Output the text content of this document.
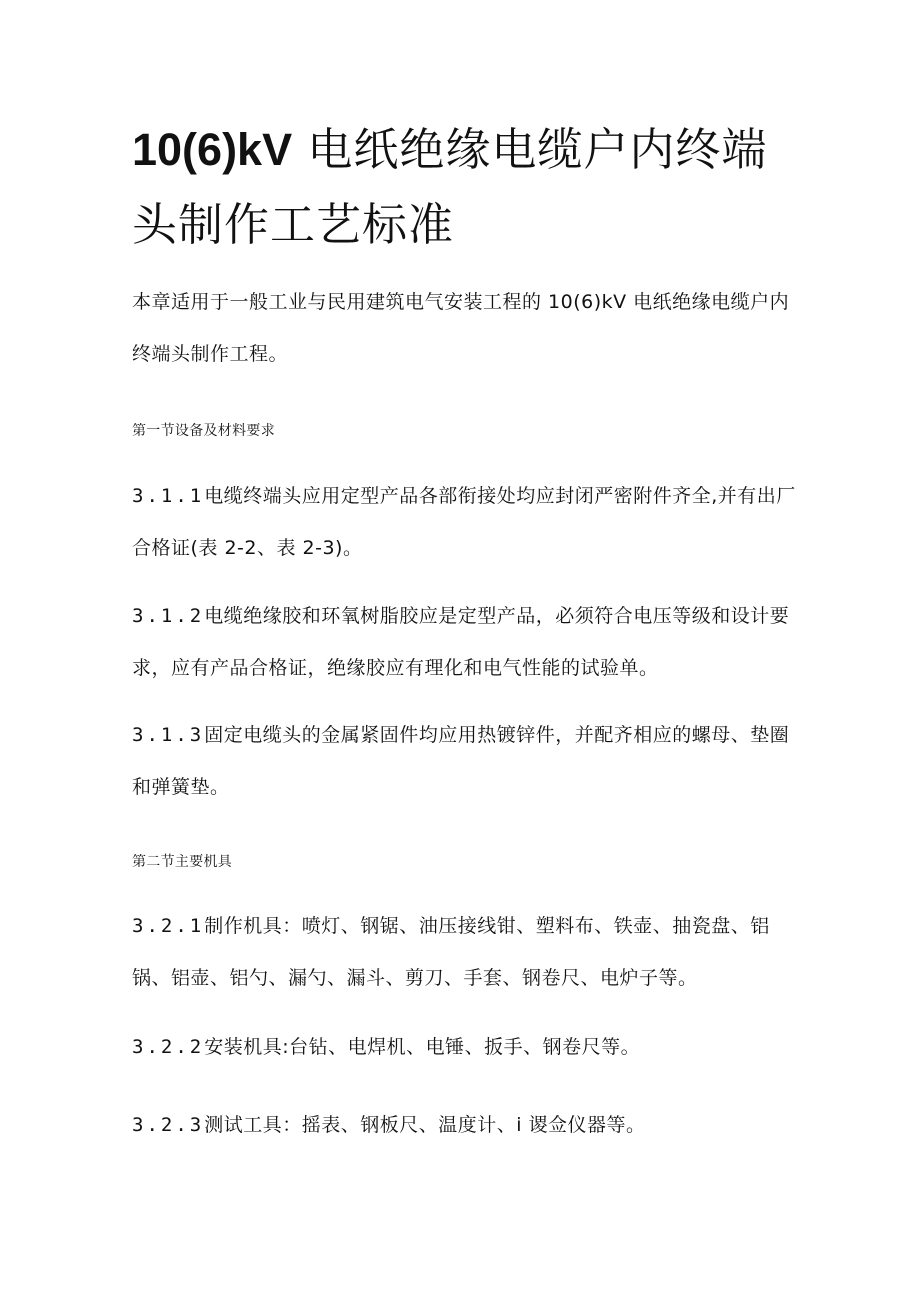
10(6)kV 电纸绝缘电缆户内终端头制作工艺标准

本章适用于一般工业与民用建筑电气安装工程的 10(6)kV 电纸绝缘电缆户内终端头制作工程。

第一节设备及材料要求

3.1.1电缆终端头应用定型产品各部衔接处均应封闭严密附件齐全,并有出厂合格证(表 2-2、表 2-3)。

3.1.2电缆绝缘胶和环氧树脂胶应是定型产品，必须符合电压等级和设计要求，应有产品合格证，绝缘胶应有理化和电气性能的试验单。

3.1.3固定电缆头的金属紧固件均应用热镀锌件，并配齐相应的螺母、垫圈和弹簧垫。

第二节主要机具

3.2.1制作机具：喷灯、钢锯、油压接线钳、塑料布、铁壶、抽瓷盘、铝锅、铝壶、铝勺、漏勺、漏斗、剪刀、手套、钢卷尺、电炉子等。

3.2.2安装机具:台钻、电焊机、电锤、扳手、钢卷尺等。

3.2.3测试工具：摇表、钢板尺、温度计、i 谡佥仪器等。
